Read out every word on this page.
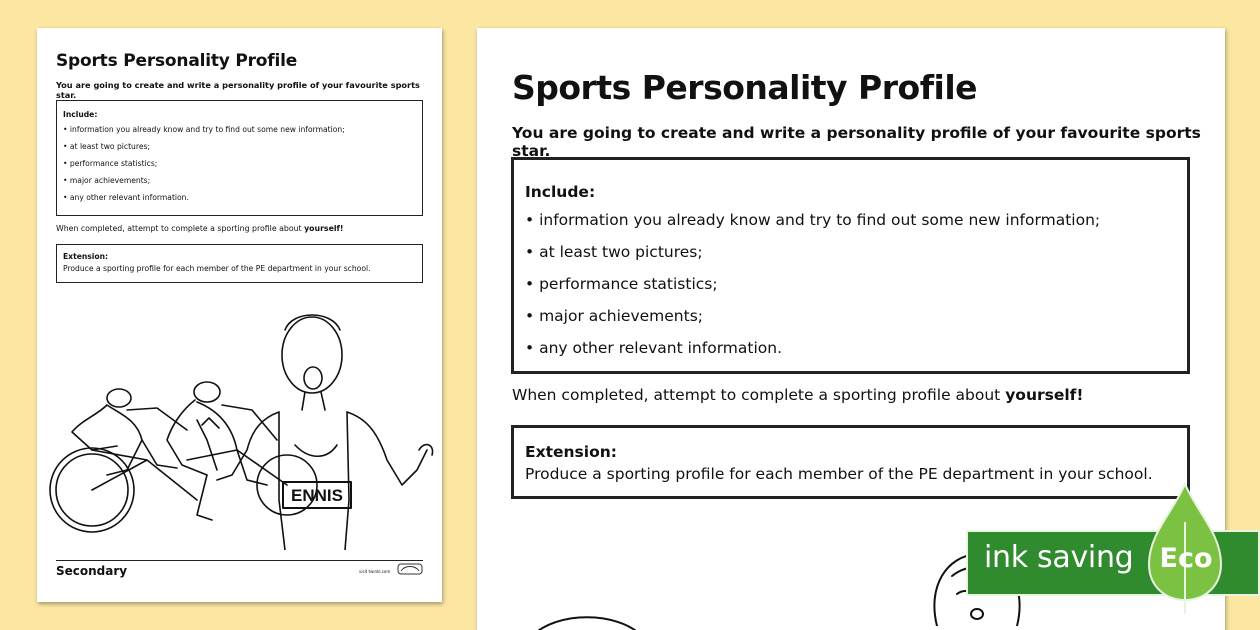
Sports Personality Profile
You are going to create and write a personality profile of your favourite sports star.
Include:
• information you already know and try to find out some new information;
• at least two pictures;
• performance statistics;
• major achievements;
• any other relevant information.
When completed, attempt to complete a sporting profile about yourself!
Extension:
Produce a sporting profile for each member of the PE department in your school.
ENNIS
Secondary	visit twinkl.com
Sports Personality Profile
You are going to create and write a personality profile of your favourite sports star.
Include:
• information you already know and try to find out some new information;
• at least two pictures;
• performance statistics;
• major achievements;
• any other relevant information.
When completed, attempt to complete a sporting profile about yourself!
Extension:
Produce a sporting profile for each member of the PE department in your school.
ink saving Eco
